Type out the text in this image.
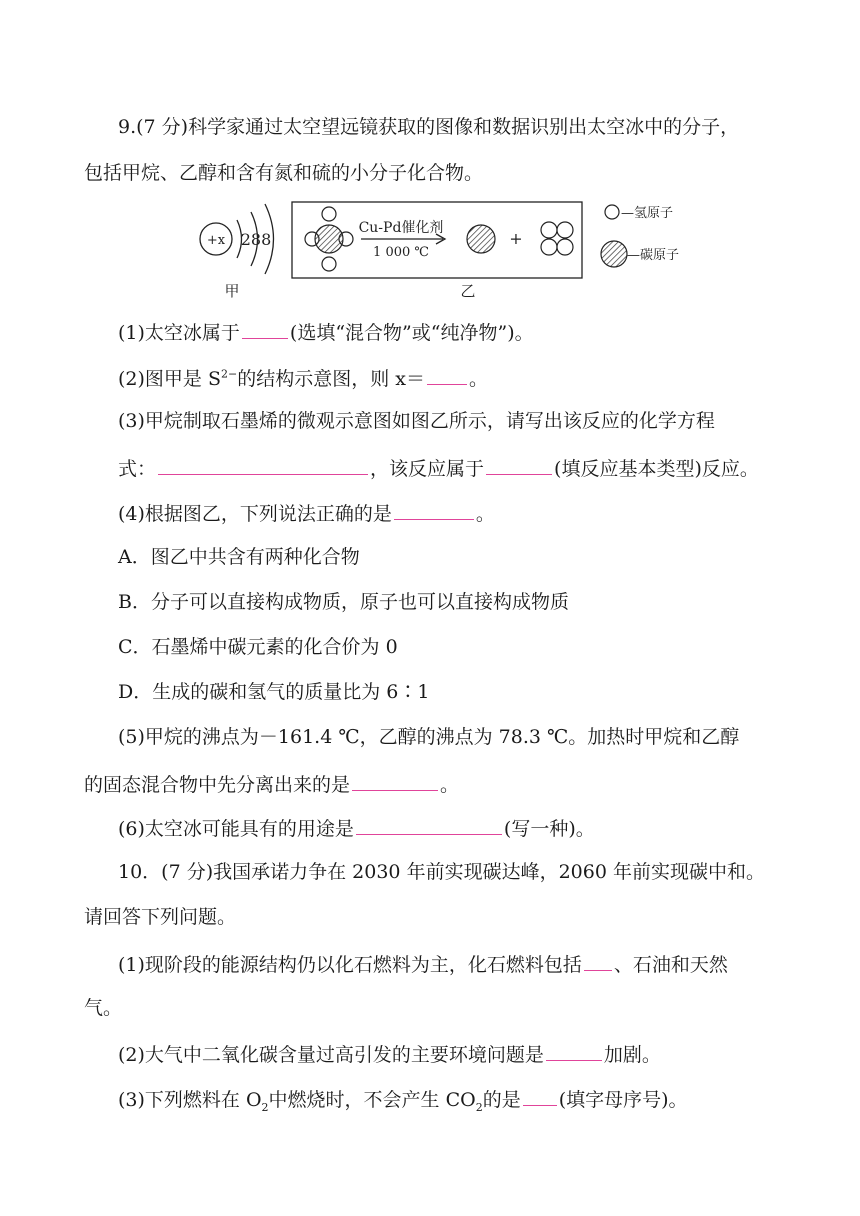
9.(7 分)科学家通过太空望远镜获取的图像和数据识别出太空冰中的分子，
包括甲烷、乙醇和含有氮和硫的小分子化合物。
+x 288
甲
Cu-Pd催化剂
1 000 ℃
+
乙
—氢原子
—碳原子
(1)太空冰属于	(选填“混合物”或“纯净物”)。
(2)图甲是 $S^{2-}$的结构示意图，则 x＝ 。
(3)甲烷制取石墨烯的微观示意图如图乙所示，请写出该反应的化学方程
式：	，该反应属于	(填反应基本类型)反应。
(4)根据图乙，下列说法正确的是	。
A．图乙中共含有两种化合物
B．分子可以直接构成物质，原子也可以直接构成物质
C．石墨烯中碳元素的化合价为 0
D．生成的碳和氢气的质量比为 6∶1
(5)甲烷的沸点为－161.4 ℃，乙醇的沸点为 78.3 ℃。加热时甲烷和乙醇
的固态混合物中先分离出来的是	。
(6)太空冰可能具有的用途是	(写一种)。
10．(7 分)我国承诺力争在 2030 年前实现碳达峰，2060 年前实现碳中和。
请回答下列问题。
(1)现阶段的能源结构仍以化石燃料为主，化石燃料包括 、石油和天然
气。
(2)大气中二氧化碳含量过高引发的主要环境问题是	加剧。
(3)下列燃料在 $O_2$中燃烧时，不会产生 $CO_2$的是 (填字母序号)。
